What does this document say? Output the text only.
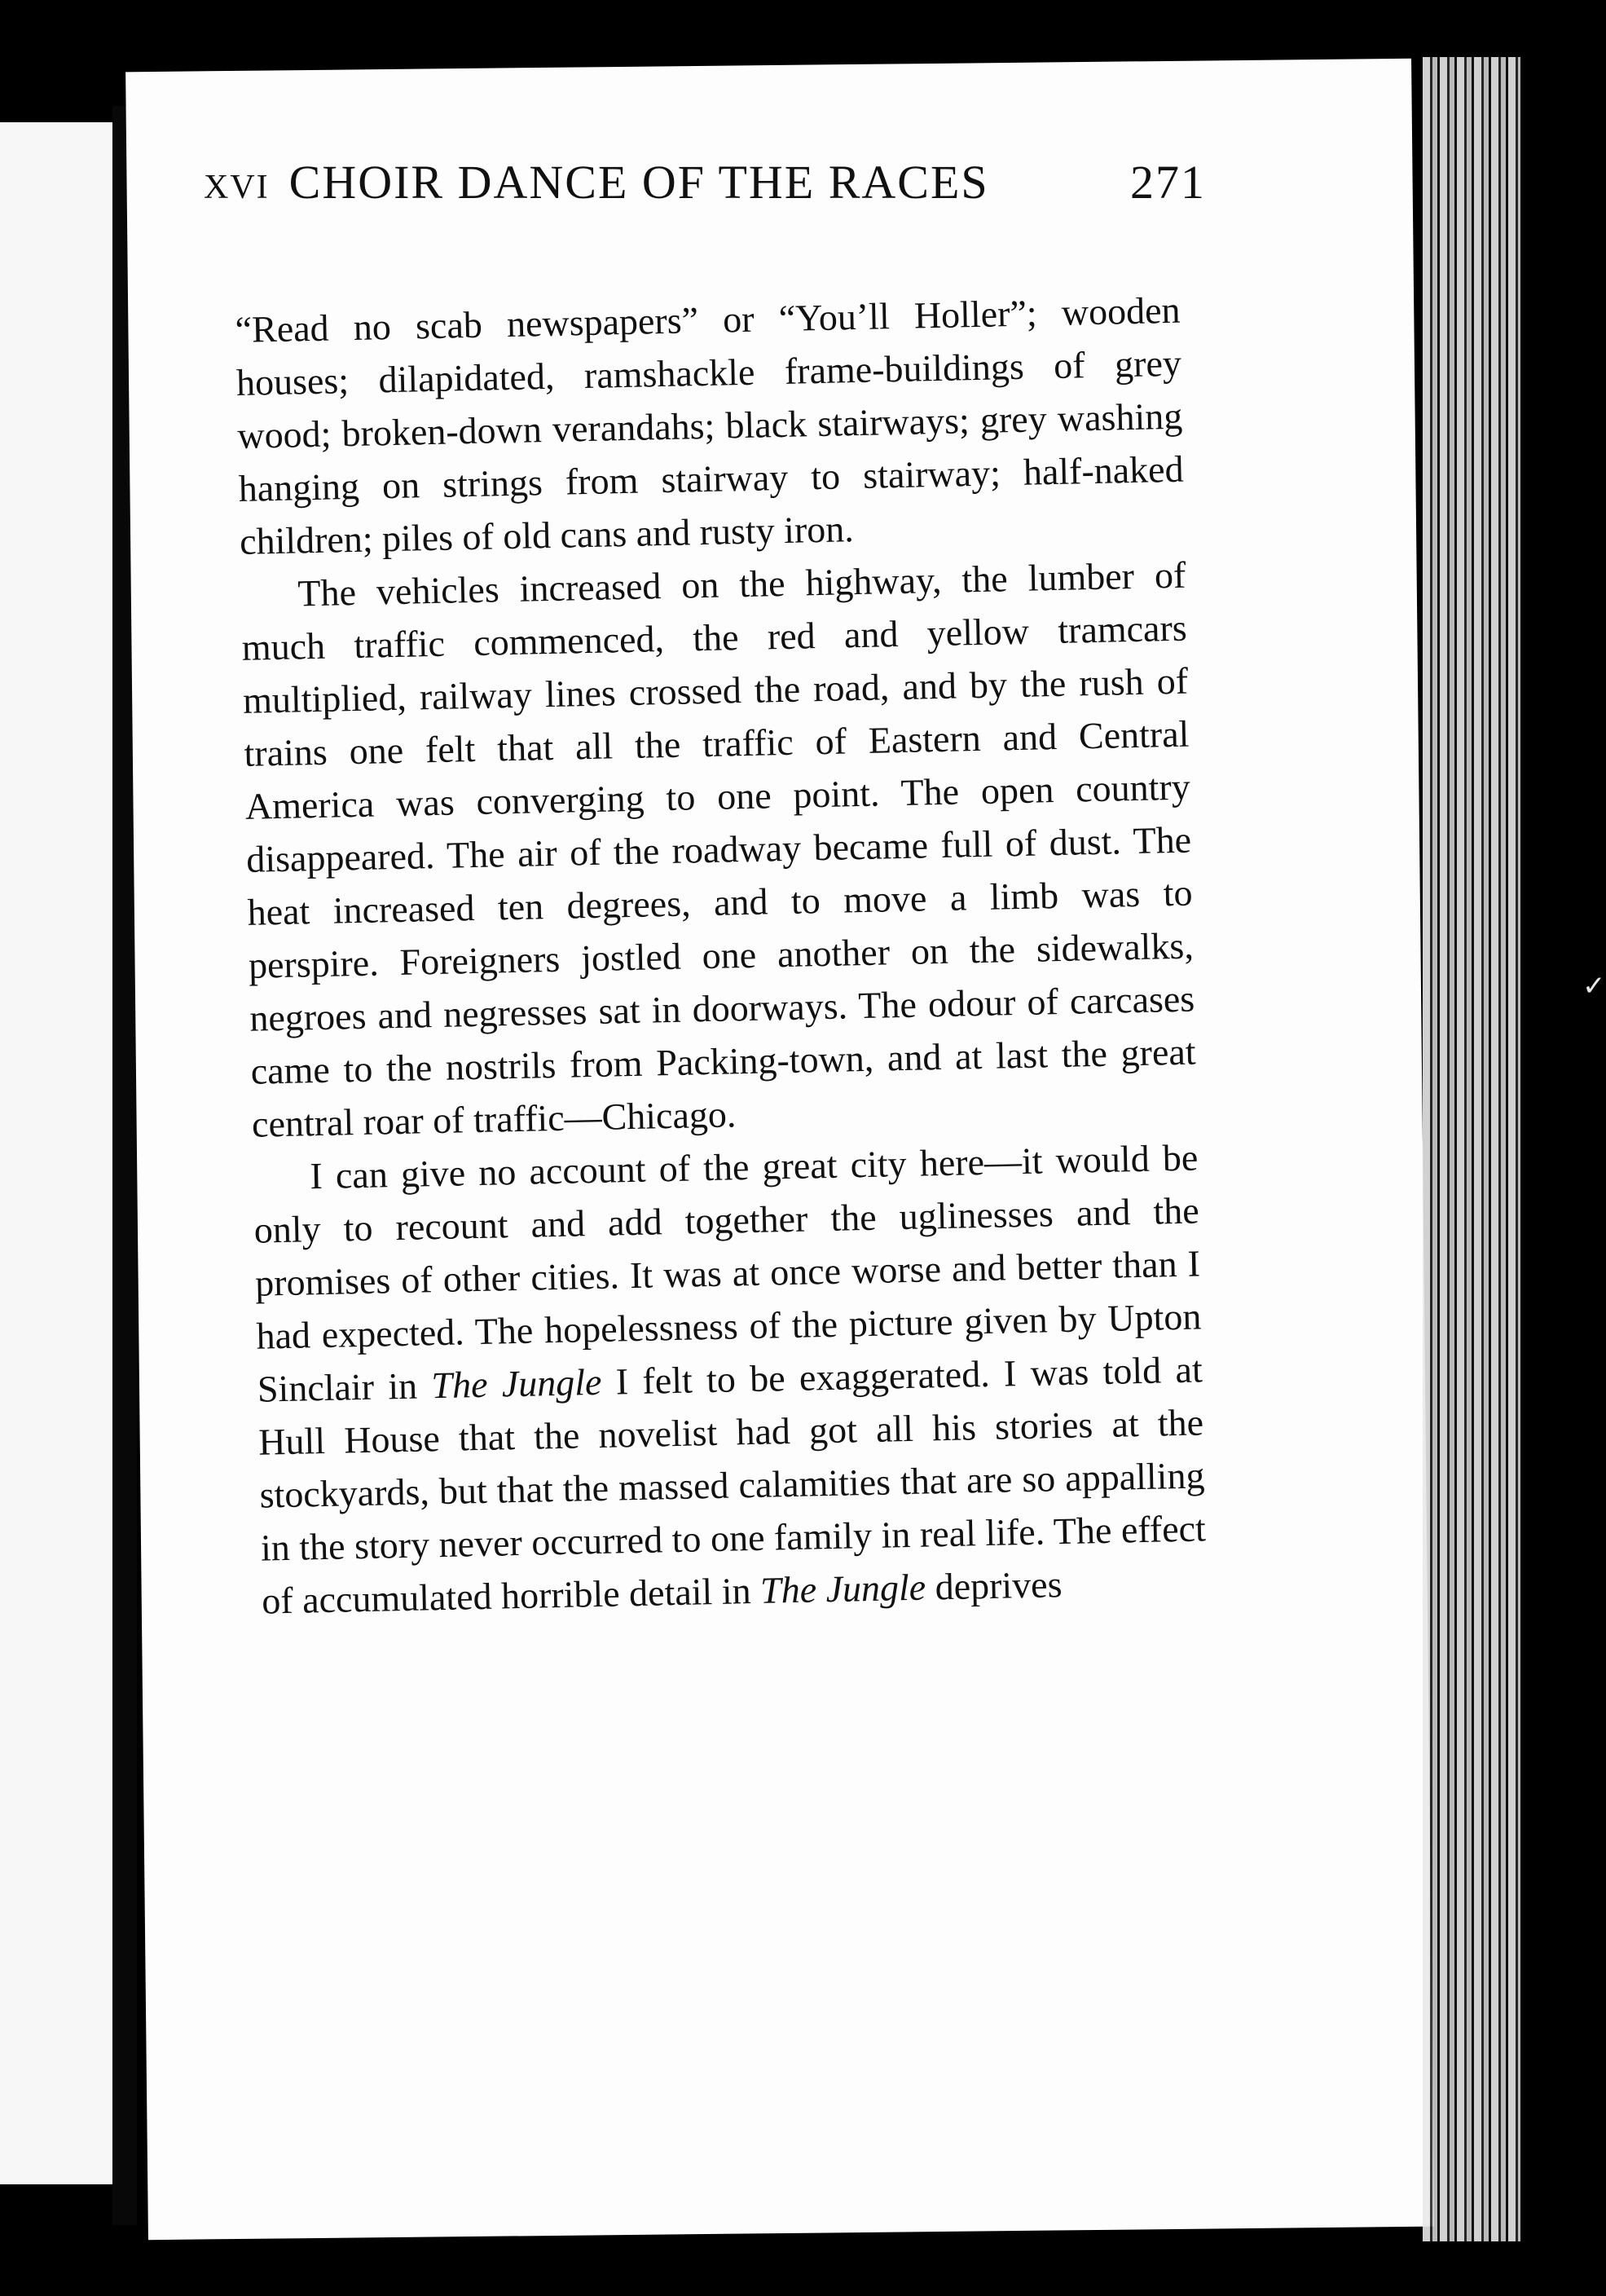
✓
XVI CHOIR DANCE OF THE RACES	271

“Read no scab newspapers” or “You’ll Holler”; wooden houses; dilapidated, ramshackle frame-buildings of grey wood; broken-down verandahs; black stairways; grey washing hanging on strings from stairway to stairway; half-naked children; piles of old cans and rusty iron.

The vehicles increased on the highway, the lumber of much traffic commenced, the red and yellow tramcars multiplied, railway lines crossed the road, and by the rush of trains one felt that all the traffic of Eastern and Central America was converging to one point. The open country disappeared. The air of the roadway became full of dust. The heat increased ten degrees, and to move a limb was to perspire. Foreigners jostled one another on the sidewalks, negroes and negresses sat in doorways. The odour of carcases came to the nostrils from Packing-town, and at last the great central roar of traffic—Chicago.

I can give no account of the great city here—it would be only to recount and add together the uglinesses and the promises of other cities. It was at once worse and better than I had expected. The hopelessness of the picture given by Upton Sinclair in The Jungle I felt to be exaggerated. I was told at Hull House that the novelist had got all his stories at the stockyards, but that the massed calamities that are so appalling in the story never occurred to one family in real life. The effect of accumulated horrible detail in The Jungle deprives
